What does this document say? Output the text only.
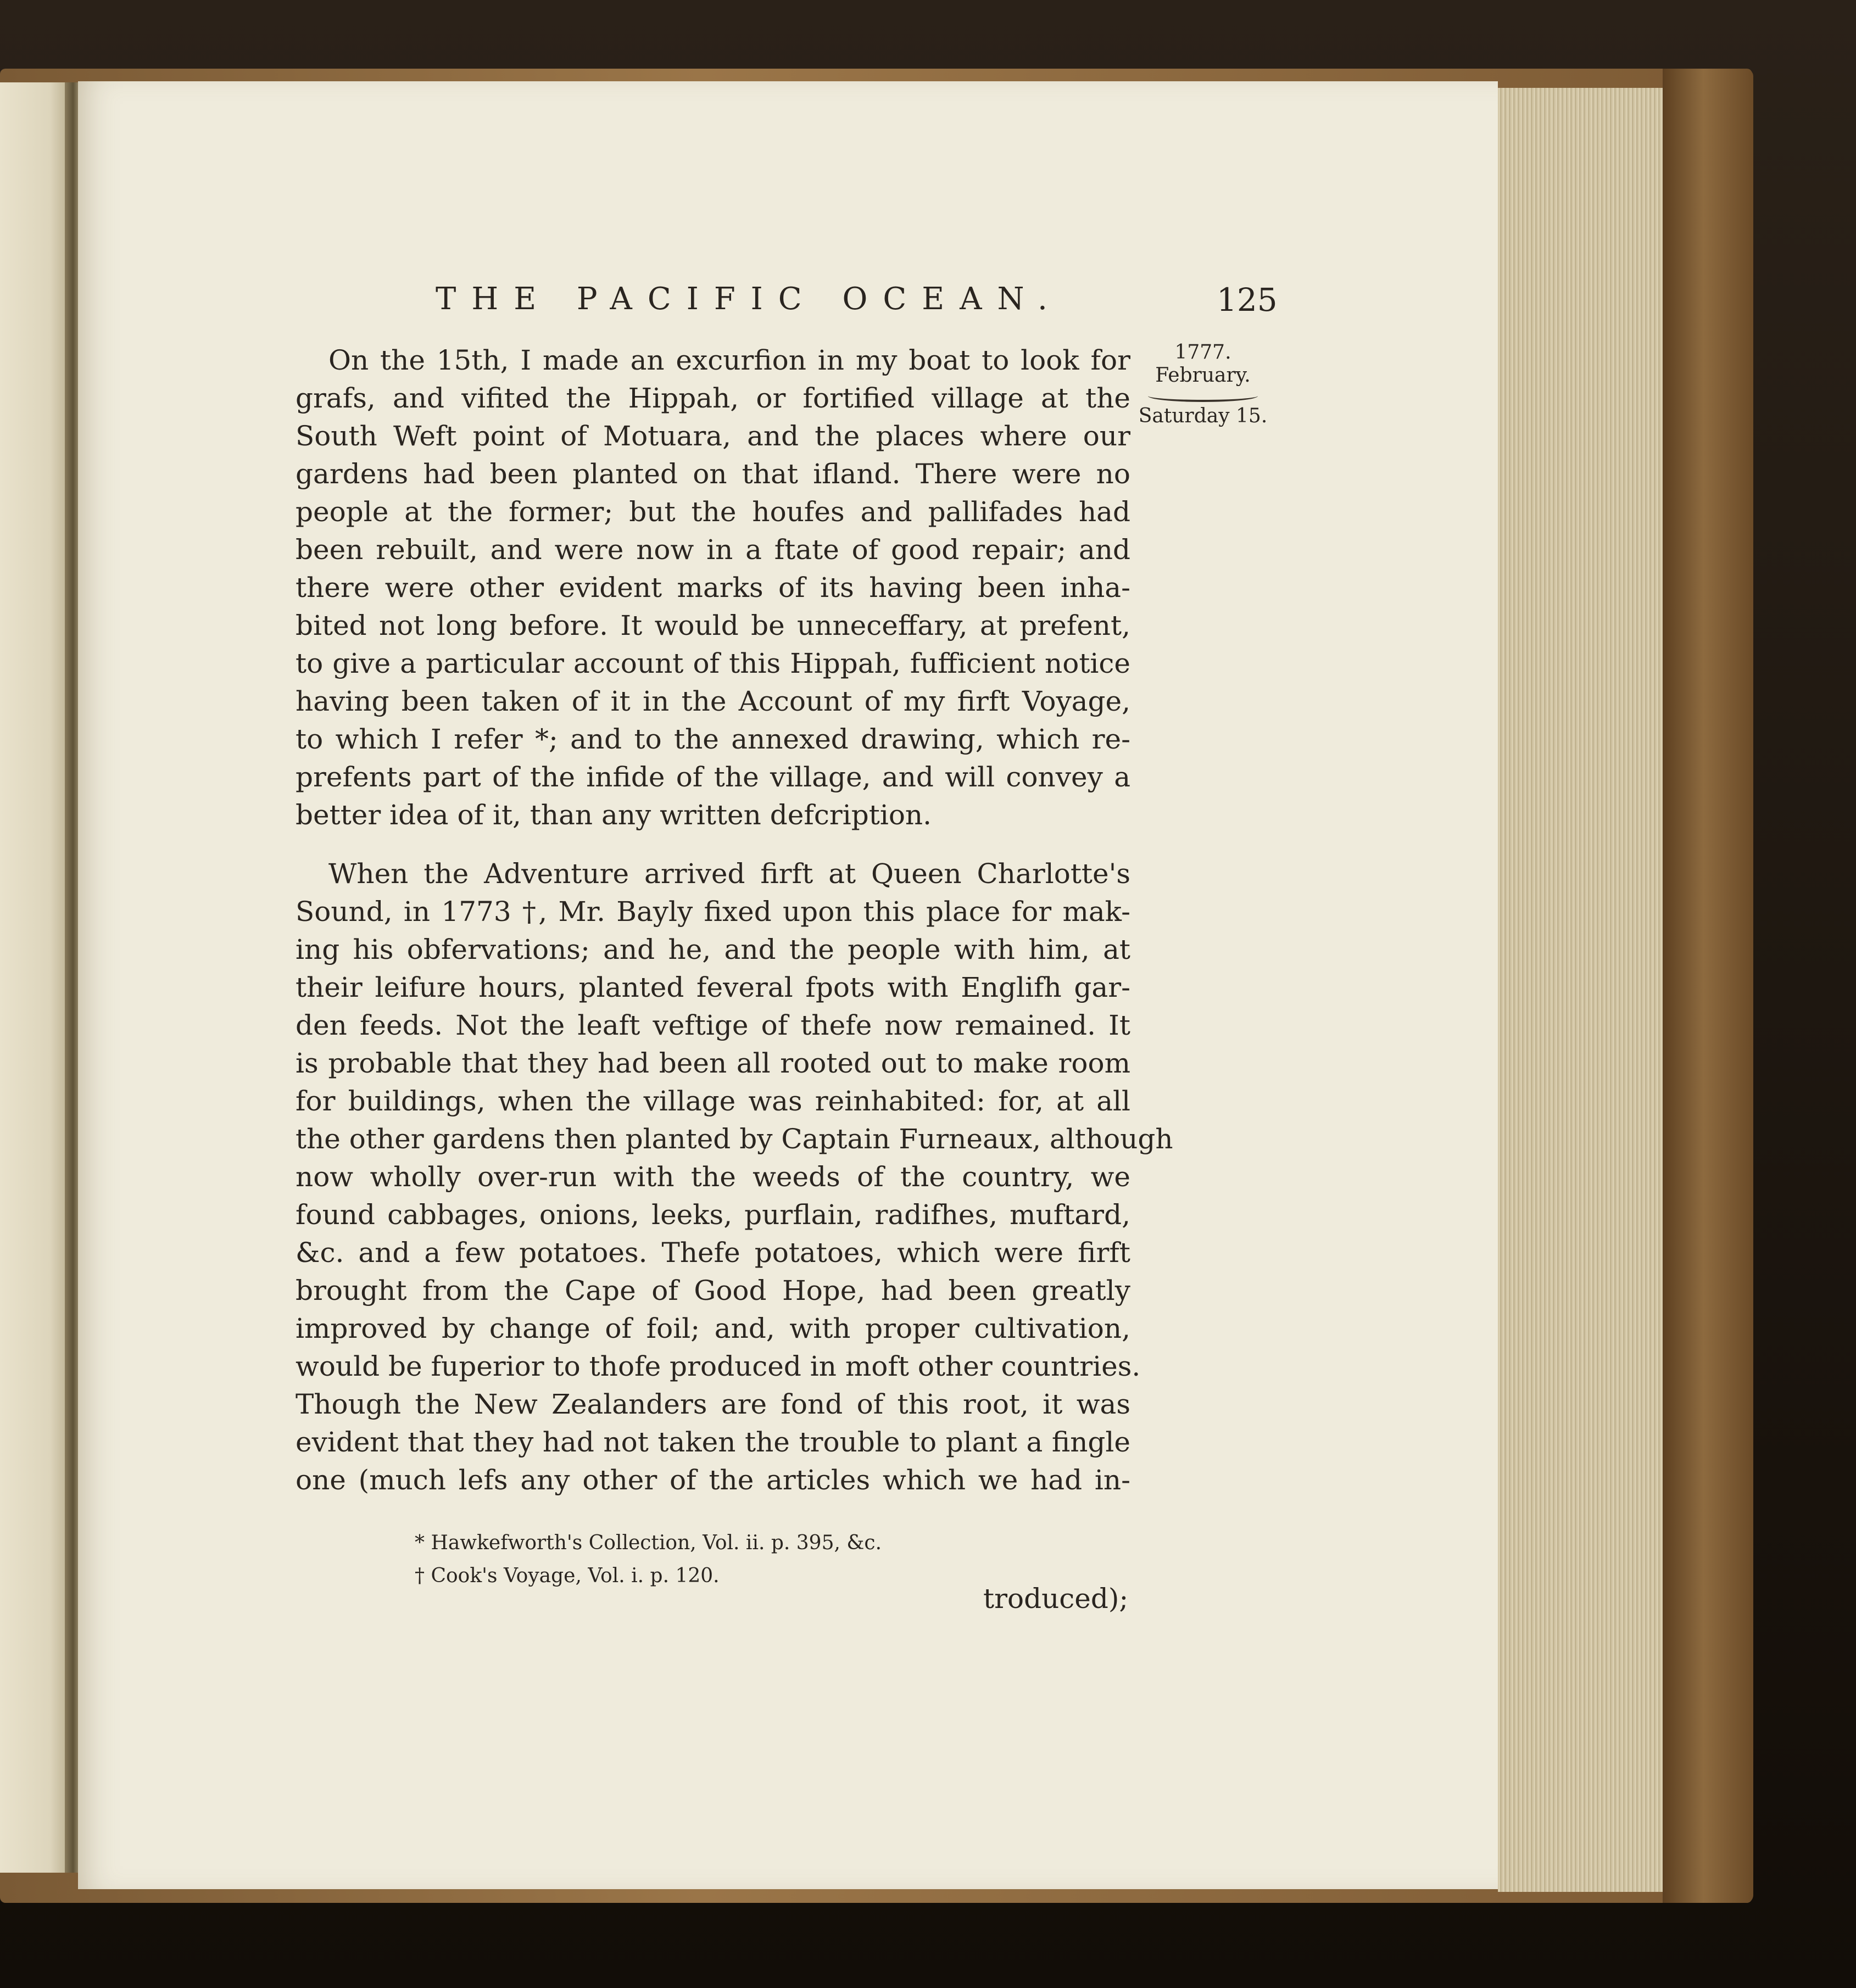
THE PACIFIC OCEAN.	125
1777.
February.
Saturday 15.
On the 15th, I made an excurfion in my boat to look for
grafs, and vifited the Hippah, or fortified village at the
South Weft point of Motuara, and the places where our
gardens had been planted on that ifland. There were no
people at the former; but the houfes and pallifades had
been rebuilt, and were now in a ftate of good repair; and
there were other evident marks of its having been inha-
bited not long before. It would be unneceffary, at prefent,
to give a particular account of this Hippah, fufficient notice
having been taken of it in the Account of my firft Voyage,
to which I refer *; and to the annexed drawing, which re-
prefents part of the infide of the village, and will convey a
better idea of it, than any written defcription.
When the Adventure arrived firft at Queen Charlotte's
Sound, in 1773 †, Mr. Bayly fixed upon this place for mak-
ing his obfervations; and he, and the people with him, at
their leifure hours, planted feveral fpots with Englifh gar-
den feeds. Not the leaft veftige of thefe now remained. It
is probable that they had been all rooted out to make room
for buildings, when the village was reinhabited: for, at all
the other gardens then planted by Captain Furneaux, although
now wholly over-run with the weeds of the country, we
found cabbages, onions, leeks, purflain, radifhes, muftard,
&c. and a few potatoes. Thefe potatoes, which were firft
brought from the Cape of Good Hope, had been greatly
improved by change of foil; and, with proper cultivation,
would be fuperior to thofe produced in moft other countries.
Though the New Zealanders are fond of this root, it was
evident that they had not taken the trouble to plant a fingle
one (much lefs any other of the articles which we had in-
* Hawkefworth's Collection, Vol. ii. p. 395, &c.
† Cook's Voyage, Vol. i. p. 120.
troduced);
